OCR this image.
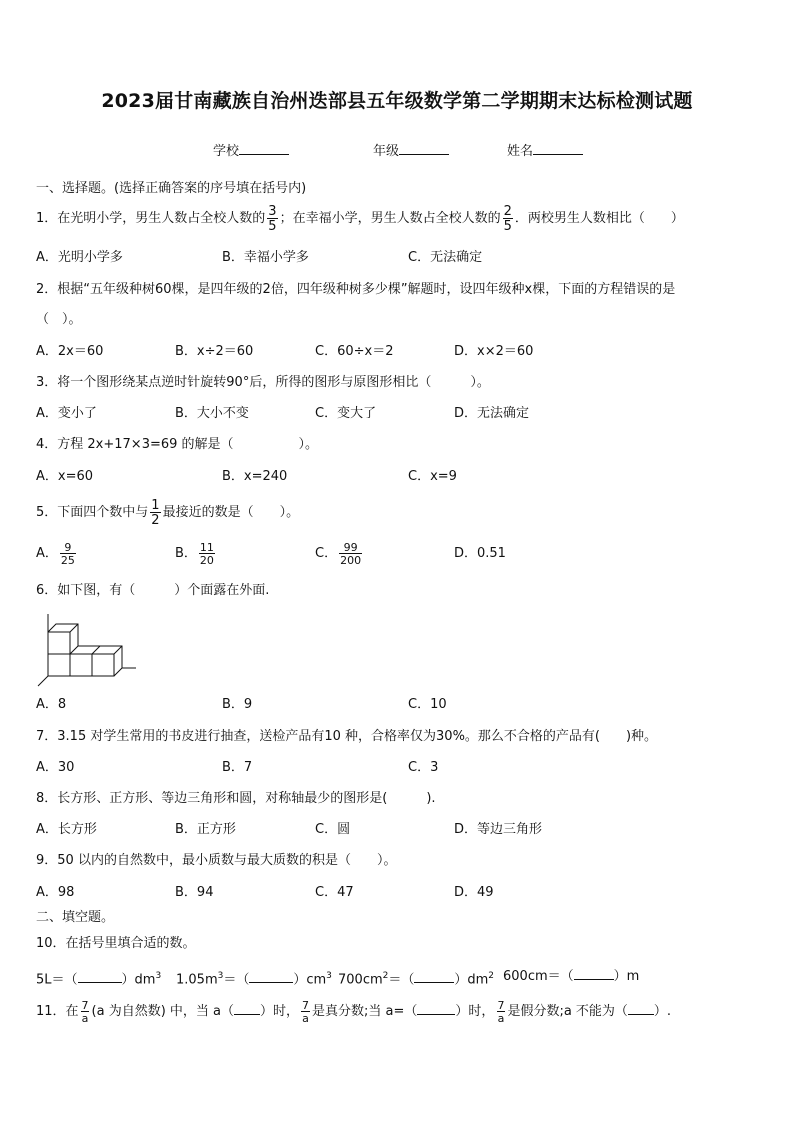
2023届甘南藏族自治州迭部县五年级数学第二学期期末达标检测试题
学校	年级	姓名
一、选择题。(选择正确答案的序号填在括号内)
1．在光明小学，男生人数占全校人数的 $\frac{3}{5}$ ；在幸福小学，男生人数占全校人数的 $\frac{2}{5}$ ．两校男生人数相比（　　）
A．光明小学多	B．幸福小学多	C．无法确定
2．根据“五年级种树60棵，是四年级的2倍，四年级种树多少棵”解题时，设四年级种x棵，下面的方程错误的是
（　）。
A．2x＝60	B．x÷2＝60	C．60÷x＝2	D．x×2＝60
3．将一个图形绕某点逆时针旋转90°后，所得的图形与原图形相比（　　　）。
A．变小了	B．大小不变	C．变大了	D．无法确定
4．方程 2x+17×3=69 的解是（　　　　　）。
A．x=60	B．x=240	C．x=9
5．下面四个数中与 $\frac{1}{2}$ 最接近的数是（　　）。
A． $\frac{9}{25}$	B． $\frac{11}{20}$	C． $\frac{99}{200}$	D．0.51
6．如下图，有（　　　）个面露在外面.
A．8	B．9	C．10
7．3.15 对学生常用的书皮进行抽查，送检产品有10 种，合格率仅为30%。那么不合格的产品有(　　)种。
A．30	B．7	C．3
8．长方形、正方形、等边三角形和圆，对称轴最少的图形是(　　　).
A．长方形	B．正方形	C．圆	D．等边三角形
9．50 以内的自然数中，最小质数与最大质数的积是（　　）。
A．98	B．94	C．47	D．49
二、填空题。
10．在括号里填合适的数。
5L＝（	）$dm^3$ $1.05m^3=$（	）$cm^3$ $700cm^2=$（	）$dm^2$ 600cm＝（	）m
11．在 $\frac{7}{a} (a$ 为自然数) 中，当 a（ ）时， $\frac{7}{a}$ 是真分数;当 a=（	）时， $\frac{7}{a}$ 是假分数;a 不能为（ ）.
